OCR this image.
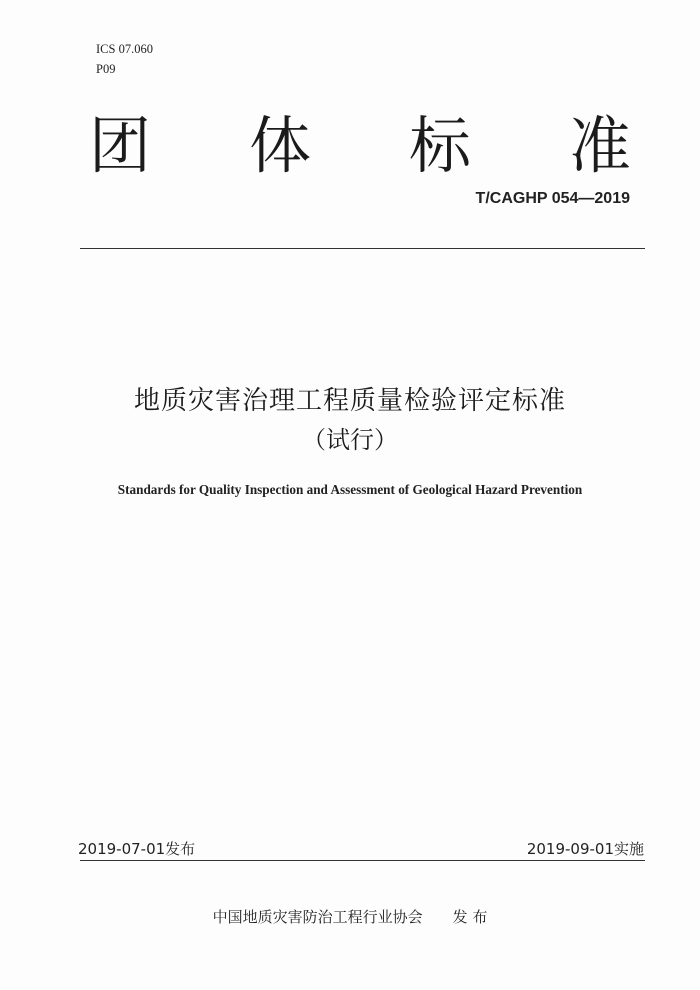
ICS 07.060
P09
团 体 标 准
T/CAGHP 054—2019
地质灾害治理工程质量检验评定标准
（试行）
Standards for Quality Inspection and Assessment of Geological Hazard Prevention
2019-07-01发布	2019-09-01实施
中国地质灾害防治工程行业协会 发 布
